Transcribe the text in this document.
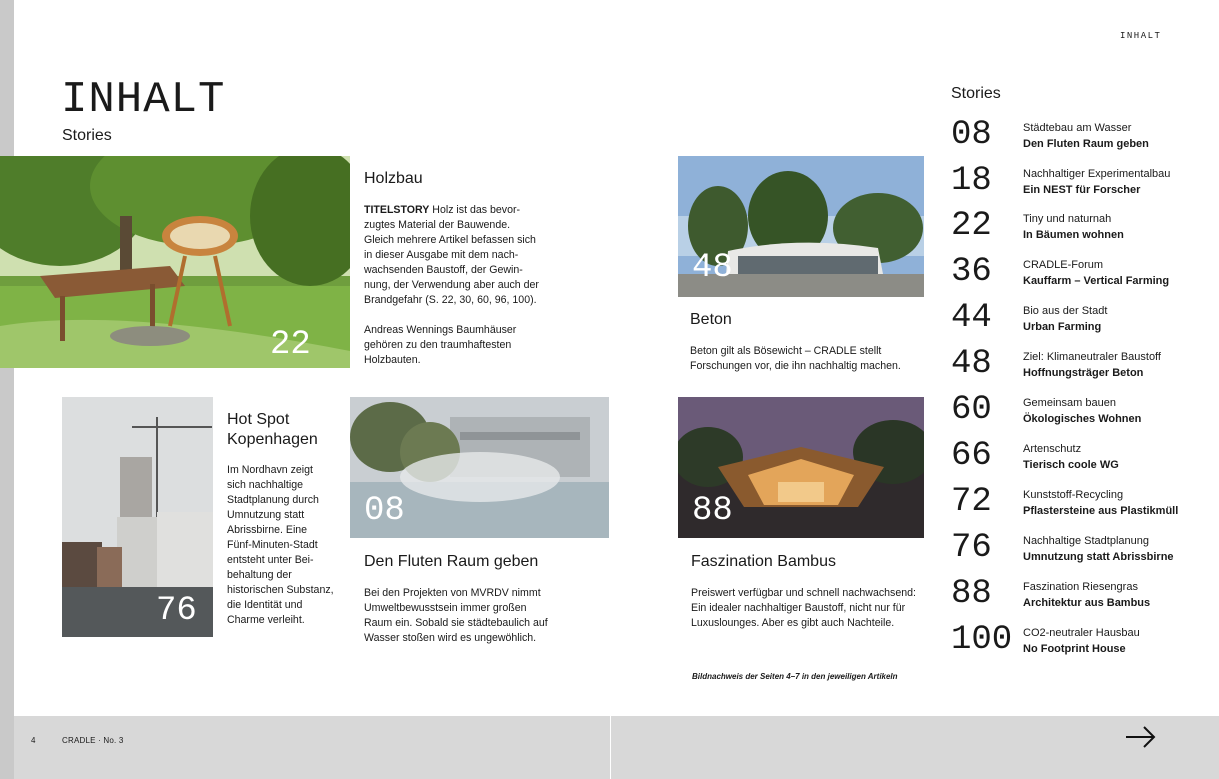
INHALT
INHALT
Stories
22
Holzbau
TITELSTORY Holz ist das bevor-
zugtes Material der Bauwende.
Gleich mehrere Artikel befassen sich
in dieser Ausgabe mit dem nach-
wachsenden Baustoff, der Gewin-
nung, der Verwendung aber auch der
Brandgefahr (S. 22, 30, 60, 96, 100).

Andreas Wennings Baumhäuser
gehören zu den traumhaftesten
Holzbauten.
48
Beton
Beton gilt als Bösewicht – CRADLE stellt
Forschungen vor, die ihn nachhaltig machen.
76
Hot Spot
Kopenhagen
Im Nordhavn zeigt
sich nachhaltige
Stadtplanung durch
Umnutzung statt
Abrissbirne. Eine
Fünf-Minuten-Stadt
entsteht unter Bei-
behaltung der
historischen Substanz,
die Identität und
Charme verleiht.
08
Den Fluten Raum geben
Bei den Projekten von MVRDV nimmt
Umweltbewusstsein immer großen
Raum ein. Sobald sie städtebaulich auf
Wasser stoßen wird es ungewöhlich.
88
Faszination Bambus
Preiswert verfügbar und schnell nachwachsend:
Ein idealer nachhaltiger Baustoff, nicht nur für
Luxuslounges. Aber es gibt auch Nachteile.
Bildnachweis der Seiten 4–7 in den jeweiligen Artikeln
Stories
08	Städtebau am Wasser
Den Fluten Raum geben
18	Nachhaltiger Experimentalbau
Ein NEST für Forscher
22	Tiny und naturnah
In Bäumen wohnen
36	CRADLE-Forum
Kauffarm – Vertical Farming
44	Bio aus der Stadt
Urban Farming
48	Ziel: Klimaneutraler Baustoff
Hoffnungsträger Beton
60	Gemeinsam bauen
Ökologisches Wohnen
66	Artenschutz
Tierisch coole WG
72	Kunststoff-Recycling
Pflastersteine aus Plastikmüll
76	Nachhaltige Stadtplanung
Umnutzung statt Abrissbirne
88	Faszination Riesengras
Architektur aus Bambus
100 CO2-neutraler Hausbau
No Footprint House
4	CRADLE · No. 3
